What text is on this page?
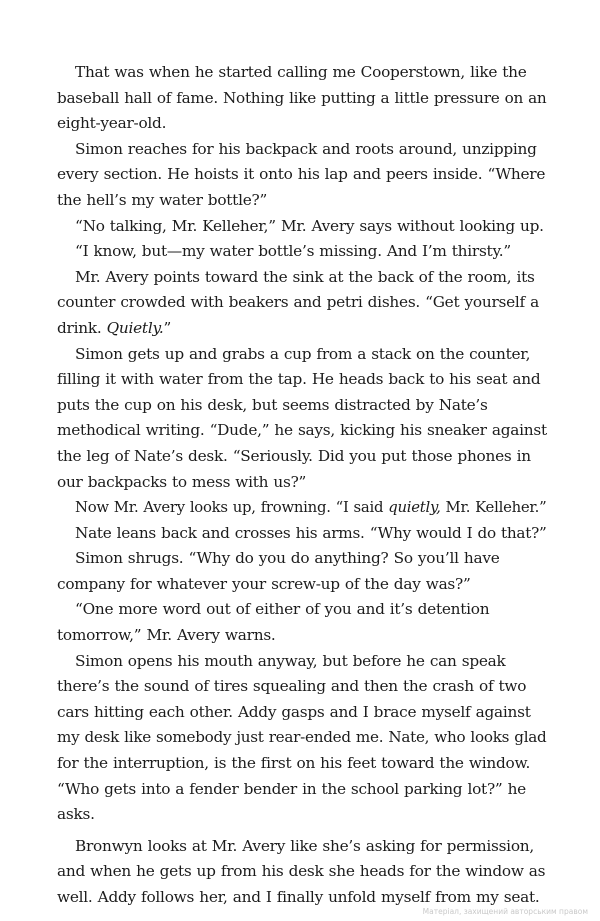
That was when he started calling me Cooperstown, like the
baseball hall of fame. Nothing like putting a little pressure on an
eight-year-old.
Simon reaches for his backpack and roots around, unzipping
every section. He hoists it onto his lap and peers inside. “Where
the hell’s my water bottle?”
“No talking, Mr. Kelleher,” Mr. Avery says without looking up.
“I know, but—my water bottle’s missing. And I’m thirsty.”
Mr. Avery points toward the sink at the back of the room, its
counter crowded with beakers and petri dishes. “Get yourself a
drink. Quietly.”
Simon gets up and grabs a cup from a stack on the counter,
filling it with water from the tap. He heads back to his seat and
puts the cup on his desk, but seems distracted by Nate’s
methodical writing. “Dude,” he says, kicking his sneaker against
the leg of Nate’s desk. “Seriously. Did you put those phones in
our backpacks to mess with us?”
Now Mr. Avery looks up, frowning. “I said quietly, Mr. Kelleher.”
Nate leans back and crosses his arms. “Why would I do that?”
Simon shrugs. “Why do you do anything? So you’ll have
company for whatever your screw-up of the day was?”
“One more word out of either of you and it’s detention
tomorrow,” Mr. Avery warns.
Simon opens his mouth anyway, but before he can speak
there’s the sound of tires squealing and then the crash of two
cars hitting each other. Addy gasps and I brace myself against
my desk like somebody just rear-ended me. Nate, who looks glad
for the interruption, is the first on his feet toward the window.
“Who gets into a fender bender in the school parking lot?” he
asks.
Bronwyn looks at Mr. Avery like she’s asking for permission,
and when he gets up from his desk she heads for the window as
well. Addy follows her, and I finally unfold myself from my seat.
Матеріал, захищений авторським правом
